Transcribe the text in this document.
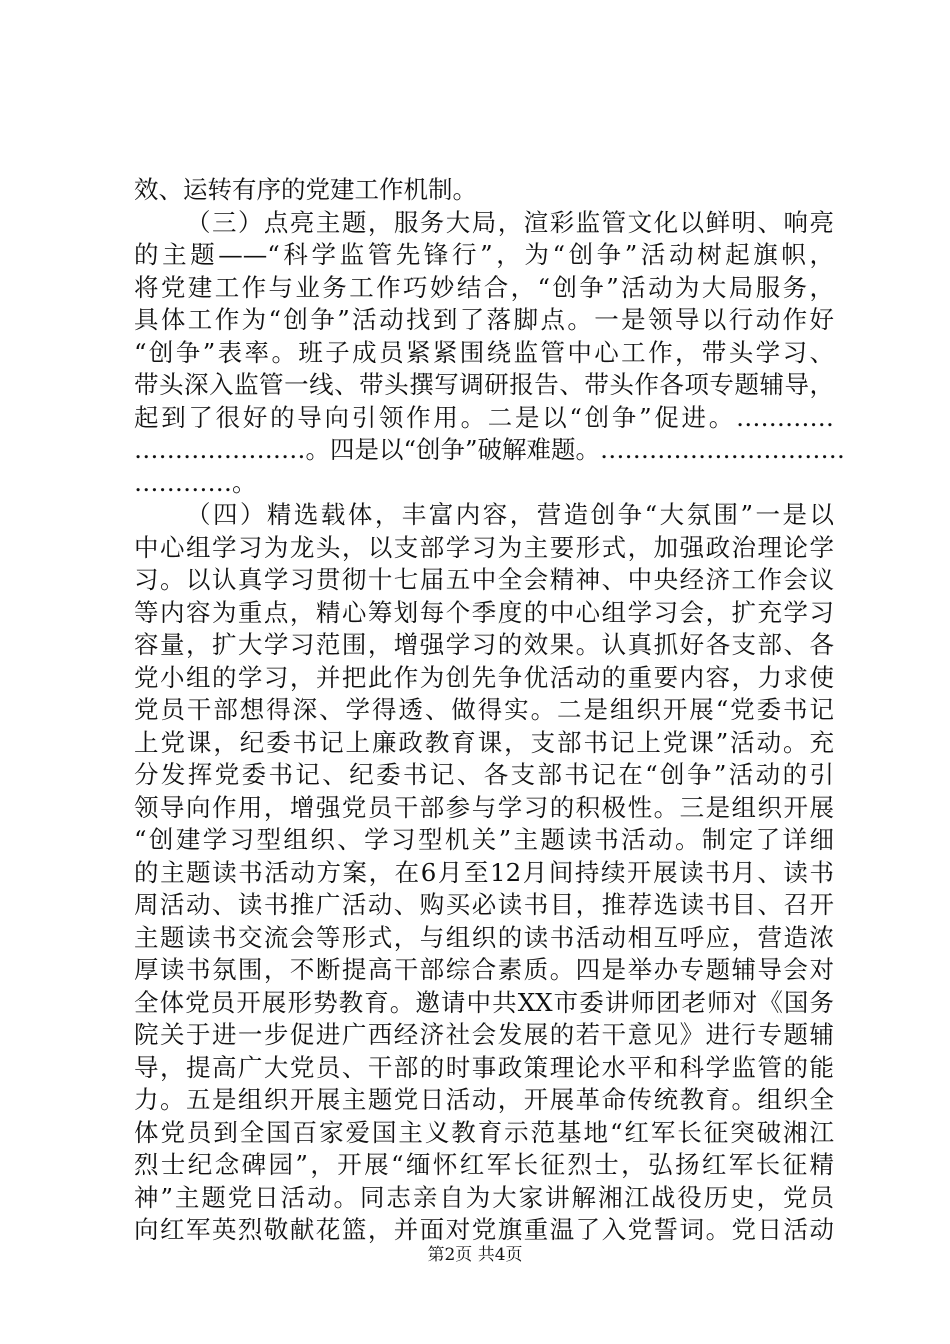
效、运转有序的党建工作机制。
（三）点亮主题，服务大局，渲彩监管文化以鲜明、响亮
的主题——“科学监管先锋行”，为“创争”活动树起旗帜，
将党建工作与业务工作巧妙结合，“创争”活动为大局服务，
具体工作为“创争”活动找到了落脚点。一是领导以行动作好
“创争”表率。班子成员紧紧围绕监管中心工作，带头学习、
带头深入监管一线、带头撰写调研报告、带头作各项专题辅导，
起到了很好的导向引领作用。二是以“创争”促进。…………
…………………。四是以“创争”破解难题。…………………………
…………。
（四）精选载体，丰富内容，营造创争“大氛围”一是以
中心组学习为龙头，以支部学习为主要形式，加强政治理论学
习。以认真学习贯彻十七届五中全会精神、中央经济工作会议
等内容为重点，精心筹划每个季度的中心组学习会，扩充学习
容量，扩大学习范围，增强学习的效果。认真抓好各支部、各
党小组的学习，并把此作为创先争优活动的重要内容，力求使
党员干部想得深、学得透、做得实。二是组织开展“党委书记
上党课，纪委书记上廉政教育课，支部书记上党课”活动。充
分发挥党委书记、纪委书记、各支部书记在“创争”活动的引
领导向作用，增强党员干部参与学习的积极性。三是组织开展
“创建学习型组织、学习型机关”主题读书活动。制定了详细
的主题读书活动方案，在6月至12月间持续开展读书月、读书
周活动、读书推广活动、购买必读书目，推荐选读书目、召开
主题读书交流会等形式，与组织的读书活动相互呼应，营造浓
厚读书氛围，不断提高干部综合素质。四是举办专题辅导会对
全体党员开展形势教育。邀请中共XX市委讲师团老师对《国务
院关于进一步促进广西经济社会发展的若干意见》进行专题辅
导，提高广大党员、干部的时事政策理论水平和科学监管的能
力。五是组织开展主题党日活动，开展革命传统教育。组织全
体党员到全国百家爱国主义教育示范基地“红军长征突破湘江
烈士纪念碑园”，开展“缅怀红军长征烈士，弘扬红军长征精
神”主题党日活动。同志亲自为大家讲解湘江战役历史，党员
向红军英烈敬献花篮，并面对党旗重温了入党誓词。党日活动
第2页 共4页
